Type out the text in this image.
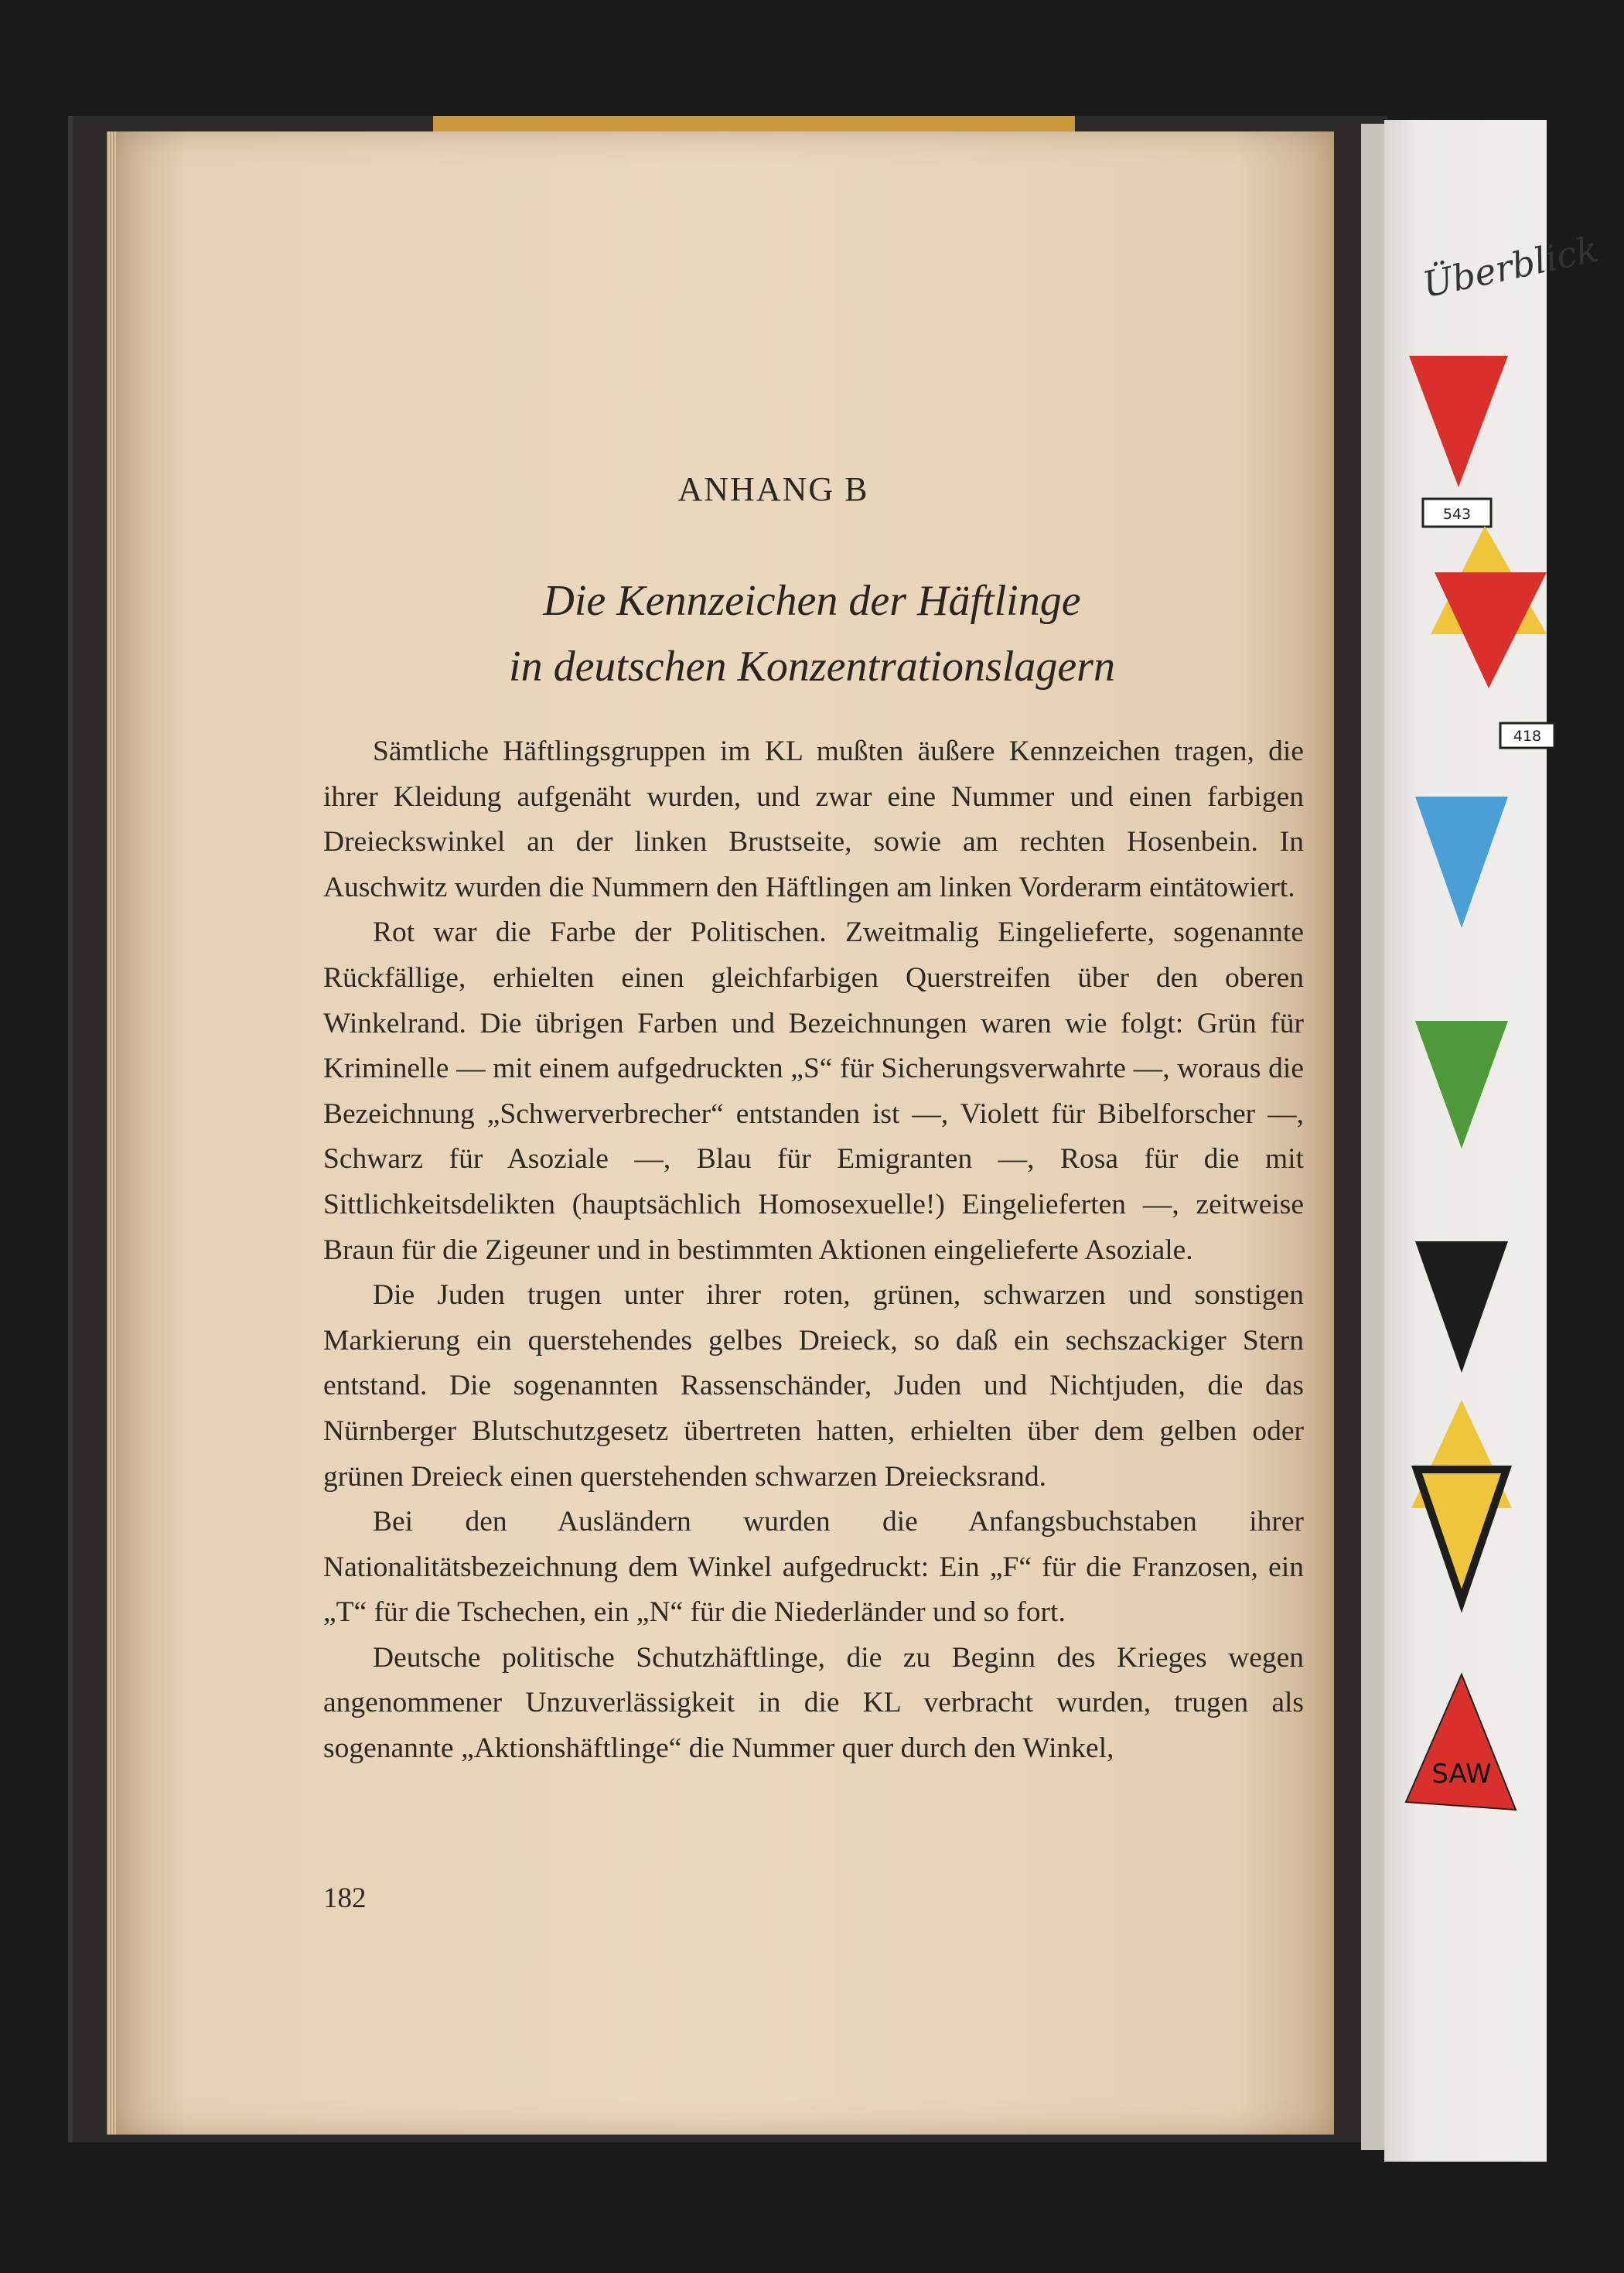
ANHANG B
Die Kennzeichen der Häftlinge
in deutschen Konzentrationslagern

Sämtliche Häftlingsgruppen im KL mußten äußere Kennzeichen tragen, die ihrer Kleidung aufgenäht wurden, und zwar eine Nummer und einen farbigen Dreieckswinkel an der linken Brustseite, sowie am rechten Hosenbein. In Auschwitz wurden die Nummern den Häftlingen am linken Vorderarm eintätowiert.

Rot war die Farbe der Politischen. Zweitmalig Eingelieferte, sogenannte Rückfällige, erhielten einen gleichfarbigen Querstreifen über den oberen Winkelrand. Die übrigen Farben und Bezeichnungen waren wie folgt: Grün für Kriminelle — mit einem aufgedruckten „S“ für Sicherungsverwahrte —, woraus die Bezeichnung „Schwerverbrecher“ entstanden ist —, Violett für Bibelforscher —, Schwarz für Asoziale —, Blau für Emigranten —, Rosa für die mit Sittlichkeitsdelikten (hauptsächlich Homosexuelle!) Eingelieferten —, zeitweise Braun für die Zigeuner und in bestimmten Aktionen eingelieferte Asoziale.

Die Juden trugen unter ihrer roten, grünen, schwarzen und sonstigen Markierung ein querstehendes gelbes Dreieck, so daß ein sechszackiger Stern entstand. Die sogenannten Rassenschänder, Juden und Nichtjuden, die das Nürnberger Blutschutzgesetz übertreten hatten, erhielten über dem gelben oder grünen Dreieck einen querstehenden schwarzen Dreiecksrand.

Bei den Ausländern wurden die Anfangsbuchstaben ihrer Nationalitätsbezeichnung dem Winkel aufgedruckt: Ein „F“ für die Franzosen, ein „T“ für die Tschechen, ein „N“ für die Niederländer und so fort.

Deutsche politische Schutzhäftlinge, die zu Beginn des Krieges wegen angenommener Unzuverlässigkeit in die KL verbracht wurden, trugen als sogenannte „Aktionshäftlinge“ die Nummer quer durch den Winkel,

182
Überblick
543
418
SAW
